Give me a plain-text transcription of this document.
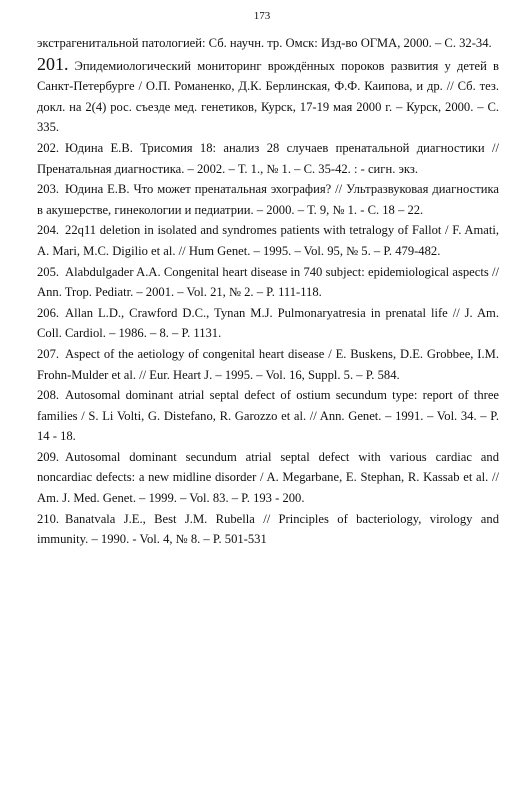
173

экстрагенитальной патологией: Сб. научн. тр. Омск: Изд-во ОГМА, 2000. – С. 32-34.

201. Эпидемиологический мониторинг врождённых пороков развития у детей в Санкт-Петербурге / О.П. Романенко, Д.К. Берлинская, Ф.Ф. Каипова, и др. // Сб. тез. докл. на 2(4) рос. съезде мед. генетиков, Курск, 17-19 мая 2000 г. – Курск, 2000. – С. 335.

202. Юдина Е.В. Трисомия 18: анализ 28 случаев пренатальной диагностики // Пренатальная диагностика. – 2002. – Т. 1., № 1. – С. 35-42. : - сигн. экз.

203. Юдина Е.В. Что может пренатальная эхография? // Ультразвуковая диагностика в акушерстве, гинекологии и педиатрии. – 2000. – Т. 9, № 1. - С. 18 – 22.

204. 22q11 deletion in isolated and syndromes patients with tetralogy of Fallot / F. Amati, A. Mari, M.C. Digilio et al. // Hum Genet. – 1995. – Vol. 95, № 5. – P. 479-482.

205. Alabdulgader A.A. Congenital heart disease in 740 subject: epidemiological aspects // Ann. Trop. Pediatr. – 2001. – Vol. 21, № 2. – P. 111-118.

206. Allan L.D., Crawford D.C., Tynan M.J. Pulmonaryatresia in prenatal life // J. Am. Coll. Cardiol. – 1986. – 8. – P. 1131.

207. Aspect of the aetiology of congenital heart disease / E. Buskens, D.E. Grobbee, I.M. Frohn-Mulder et al. // Eur. Heart J. – 1995. – Vol. 16, Suppl. 5. – P. 584.

208. Autosomal dominant atrial septal defect of ostium secundum type: report of three families / S. Li Volti, G. Distefano, R. Garozzo et al. // Ann. Genet. – 1991. – Vol. 34. – P. 14 - 18.

209. Autosomal dominant secundum atrial septal defect with various cardiac and noncardiac defects: a new midline disorder / A. Megarbane, E. Stephan, R. Kassab et al. // Am. J. Med. Genet. – 1999. – Vol. 83. – P. 193 - 200.

210. Banatvala J.E., Best J.M. Rubella // Principles of bacteriology, virology and immunity. – 1990. - Vol. 4, № 8. – P. 501-531
